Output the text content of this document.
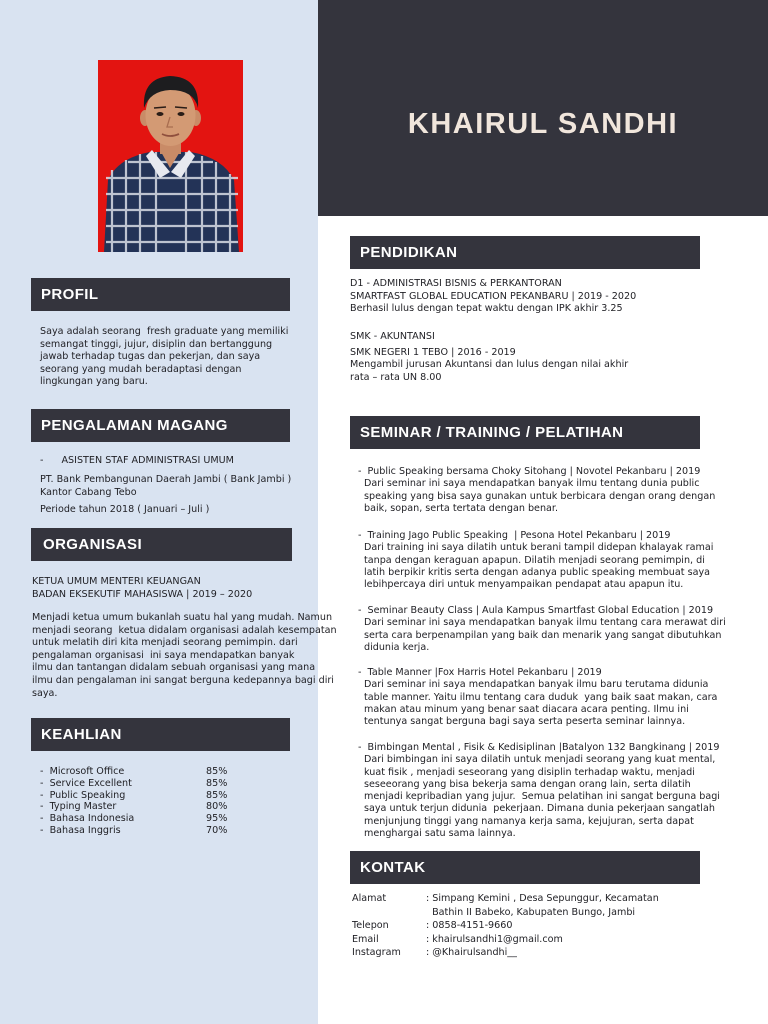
KHAIRUL SANDHI
PROFIL

Saya adalah seorang  fresh graduate yang memiliki

semangat tinggi, jujur, disiplin dan bertanggung

jawab terhadap tugas dan pekerjan, dan saya

seorang yang mudah beradaptasi dengan

lingkungan yang baru.

PENGALAMAN MAGANG
- ASISTEN STAF ADMINISTRASI UMUM

PT. Bank Pembangunan Daerah Jambi ( Bank Jambi )

Kantor Cabang Tebo

Periode tahun 2018 ( Januari – Juli )
ORGANISASI

KETUA UMUM MENTERI KEUANGAN

BADAN EKSEKUTIF MAHASISWA | 2019 – 2020

Menjadi ketua umum bukanlah suatu hal yang mudah. Namun

menjadi seorang  ketua didalam organisasi adalah kesempatan

untuk melatih diri kita menjadi seorang pemimpin. dari

pengalaman organisasi  ini saya mendapatkan banyak

ilmu dan tantangan didalam sebuah organisasi yang mana

ilmu dan pengalaman ini sangat berguna kedepannya bagi diri

saya.

KEAHLIAN
- Microsoft Office	85%
- Service Excellent	85%
- Public Speaking	85%
- Typing Master	80%
- Bahasa Indonesia	95%
- Bahasa Inggris	70%
PENDIDIKAN

D1 - ADMINISTRASI BISNIS & PERKANTORAN

SMARTFAST GLOBAL EDUCATION PEKANBARU | 2019 - 2020

Berhasil lulus dengan tepat waktu dengan IPK akhir 3.25

SMK - AKUNTANSI

SMK NEGERI 1 TEBO | 2016 - 2019

Mengambil jurusan Akuntansi dan lulus dengan nilai akhir

rata – rata UN 8.00

SEMINAR / TRAINING / PELATIHAN

-  Public Speaking bersama Choky Sitohang | Novotel Pekanbaru | 2019

Dari seminar ini saya mendapatkan banyak ilmu tentang dunia public

speaking yang bisa saya gunakan untuk berbicara dengan orang dengan

baik, sopan, serta tertata dengan benar.

-  Training Jago Public Speaking  | Pesona Hotel Pekanbaru | 2019

Dari training ini saya dilatih untuk berani tampil didepan khalayak ramai

tanpa dengan keraguan apapun. Dilatih menjadi seorang pemimpin, di

latih berpikir kritis serta dengan adanya public speaking membuat saya

lebihpercaya diri untuk menyampaikan pendapat atau apapun itu.

-  Seminar Beauty Class | Aula Kampus Smartfast Global Education | 2019

Dari seminar ini saya mendapatkan banyak ilmu tentang cara merawat diri

serta cara berpenampilan yang baik dan menarik yang sangat dibutuhkan

didunia kerja.

-  Table Manner |Fox Harris Hotel Pekanbaru | 2019

Dari seminar ini saya mendapatkan banyak ilmu baru terutama didunia

table manner. Yaitu ilmu tentang cara duduk  yang baik saat makan, cara

makan atau minum yang benar saat diacara acara penting. Ilmu ini

tentunya sangat berguna bagi saya serta peserta seminar lainnya.

-  Bimbingan Mental , Fisik & Kedisiplinan |Batalyon 132 Bangkinang | 2019

Dari bimbingan ini saya dilatih untuk menjadi seorang yang kuat mental,

kuat fisik , menjadi seseorang yang disiplin terhadap waktu, menjadi

seseeorang yang bisa bekerja sama dengan orang lain, serta dilatih

menjadi kepribadian yang jujur.  Semua pelatihan ini sangat berguna bagi

saya untuk terjun didunia  pekerjaan. Dimana dunia pekerjaan sangatlah

menjunjung tinggi yang namanya kerja sama, kejujuran, serta dapat

menghargai satu sama lainnya.

KONTAK
Alamat	: Simpang Kemini , Desa Sepunggur, Kecamatan
Bathin II Babeko, Kabupaten Bungo, Jambi
Telepon	: 0858-4151-9660
Email	: khairulsandhi1@gmail.com
Instagram	: @Khairulsandhi__
